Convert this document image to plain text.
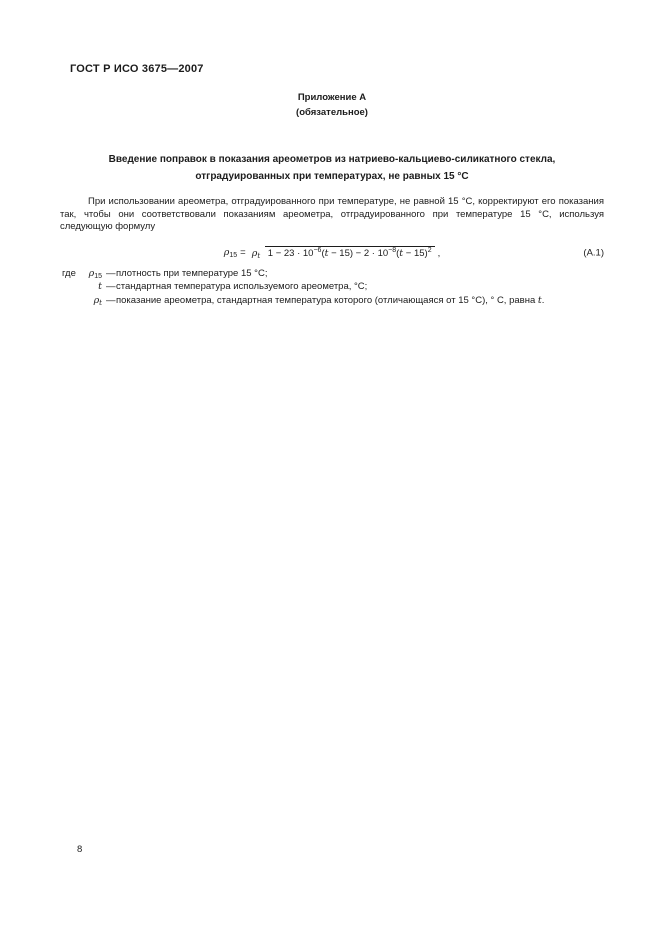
ГОСТ Р ИСО 3675—2007
Приложение А
(обязательное)
Введение поправок в показания ареометров из натриево-кальциево-силикатного стекла,
отградуированных при температурах, не равных 15 °С
При использовании ареометра, отградуированного при температуре, не равной 15 °С, корректируют его показания так, чтобы они соответствовали показаниям ареометра, отградуированного при температуре 15 °С, используя следующую формулу
$\rho_{15} = \rho_t$ $1 - 23 \cdot 10^{-6}(t - 15) - 2 \cdot 10^{-8}(t - 15)^2$ ,	(А.1)
где	$\rho_{15}$ — плотность при температуре 15 °С;
t — стандартная температура используемого ареометра, °С;
$\rho_t$ — показание ареометра, стандартная температура которого (отличающаяся от 15 °С), ° С, равна t.
8
